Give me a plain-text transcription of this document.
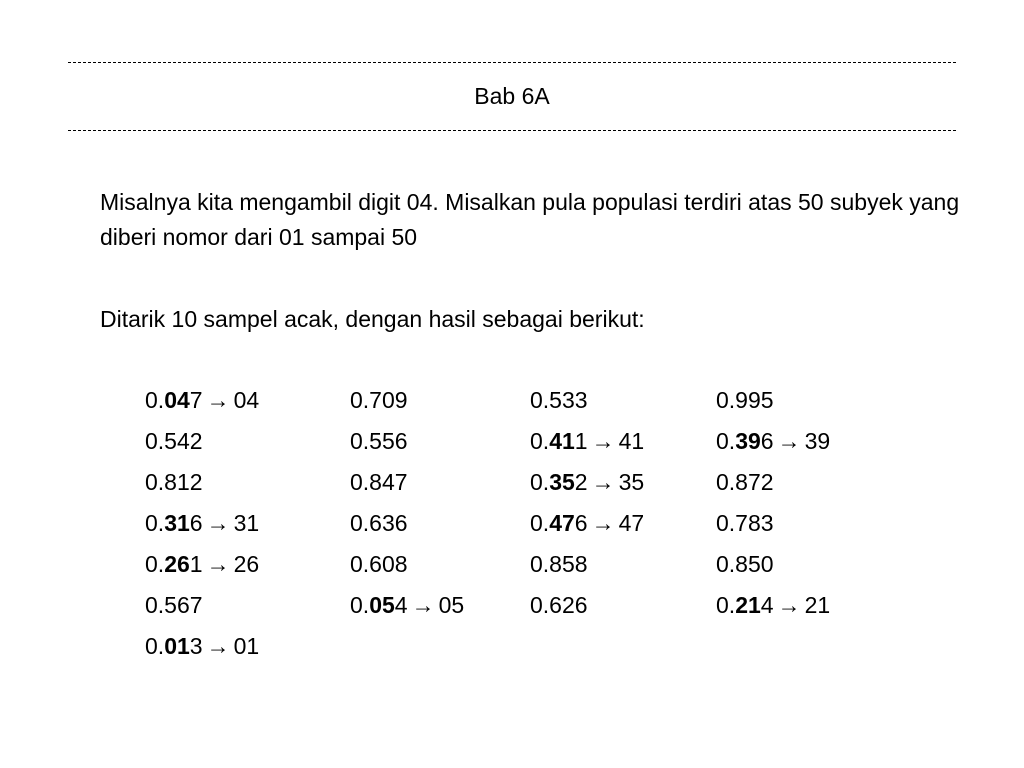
Bab 6A
Misalnya kita mengambil digit 04. Misalkan pula populasi terdiri atas 50 subyek yang diberi nomor dari 01 sampai 50
Ditarik 10 sampel acak, dengan hasil sebagai berikut:
0.047 → 04	0.709	0.533	0.995
0.542	0.556	0.411 → 41	0.396 → 39
0.812	0.847	0.352 → 35	0.872
0.316 → 31	0.636	0.476 → 47	0.783
0.261 → 26	0.608	0.858	0.850
0.567	0.054 → 05	0.626	0.214 → 21
0.013 → 01
